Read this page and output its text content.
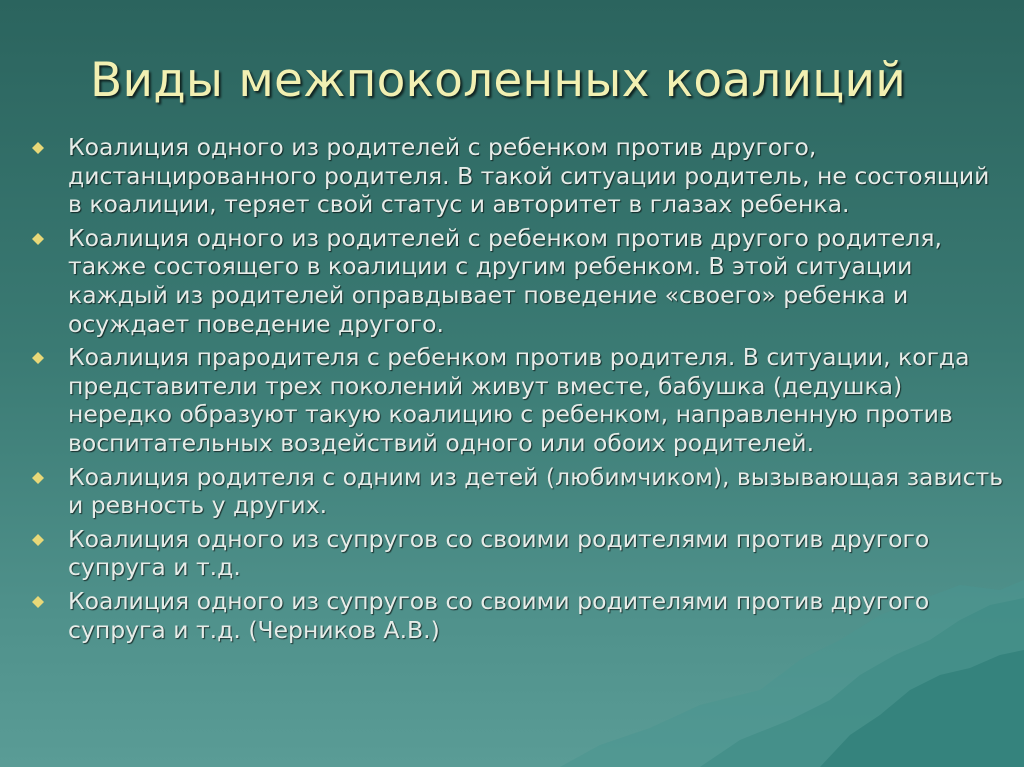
Виды межпоколенных коалиций
Коалиция одного из родителей с ребенком против другого, дистанцированного родителя. В такой ситуации родитель, не состоящий в коалиции, теряет свой статус и авторитет в глазах ребенка.
Коалиция одного из родителей с ребенком против другого родителя, также состоящего в коалиции с другим ребенком. В этой ситуации каждый из родителей оправдывает поведение «своего» ребенка и осуждает поведение другого.
Коалиция прародителя с ребенком против родителя. В ситуации, когда представители трех поколений живут вместе, бабушка (дедушка) нередко образуют такую коалицию с ребенком, направленную против воспитательных воздействий одного или обоих родителей.
Коалиция родителя с одним из детей (любимчиком), вызывающая зависть и ревность у других.
Коалиция одного из супругов со своими родителями против другого супруга и т.д.
Коалиция одного из супругов со своими родителями против другого супруга и т.д. (Черников А.В.)
